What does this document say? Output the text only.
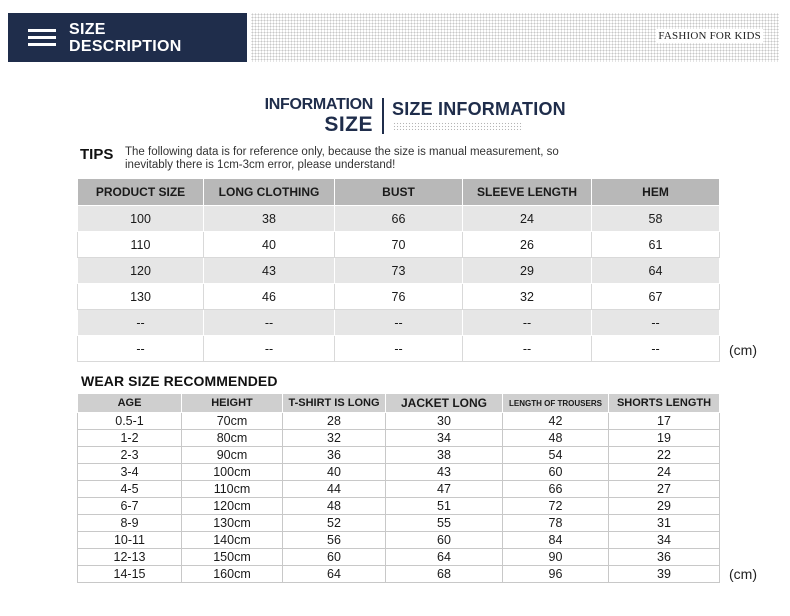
SIZE
DESCRIPTION
FASHION FOR KIDS
INFORMATION
SIZE
SIZE INFORMATION
TIPS The following data is for reference only, because the size is manual measurement, so inevitably there is 1cm-3cm error, please understand!
PRODUCT SIZE	LONG CLOTHING	BUST	SLEEVE LENGTH	HEM
100	38	66	24	58
110	40	70	26	61
120	43	73	29	64
130	46	76	32	67
--	--	--	--	--
--	--	--	--	--	(cm)
WEAR SIZE RECOMMENDED
AGE	HEIGHT	T-SHIRT IS LONG	JACKET LONG	LENGTH OF TROUSERS	SHORTS LENGTH
0.5-1	70cm	28	30	42	17
1-2	80cm	32	34	48	19
2-3	90cm	36	38	54	22
3-4	100cm	40	43	60	24
4-5	110cm	44	47	66	27
6-7	120cm	48	51	72	29
8-9	130cm	52	55	78	31
10-11	140cm	56	60	84	34
12-13	150cm	60	64	90	36
14-15	160cm	64	68	96	39	(cm)
